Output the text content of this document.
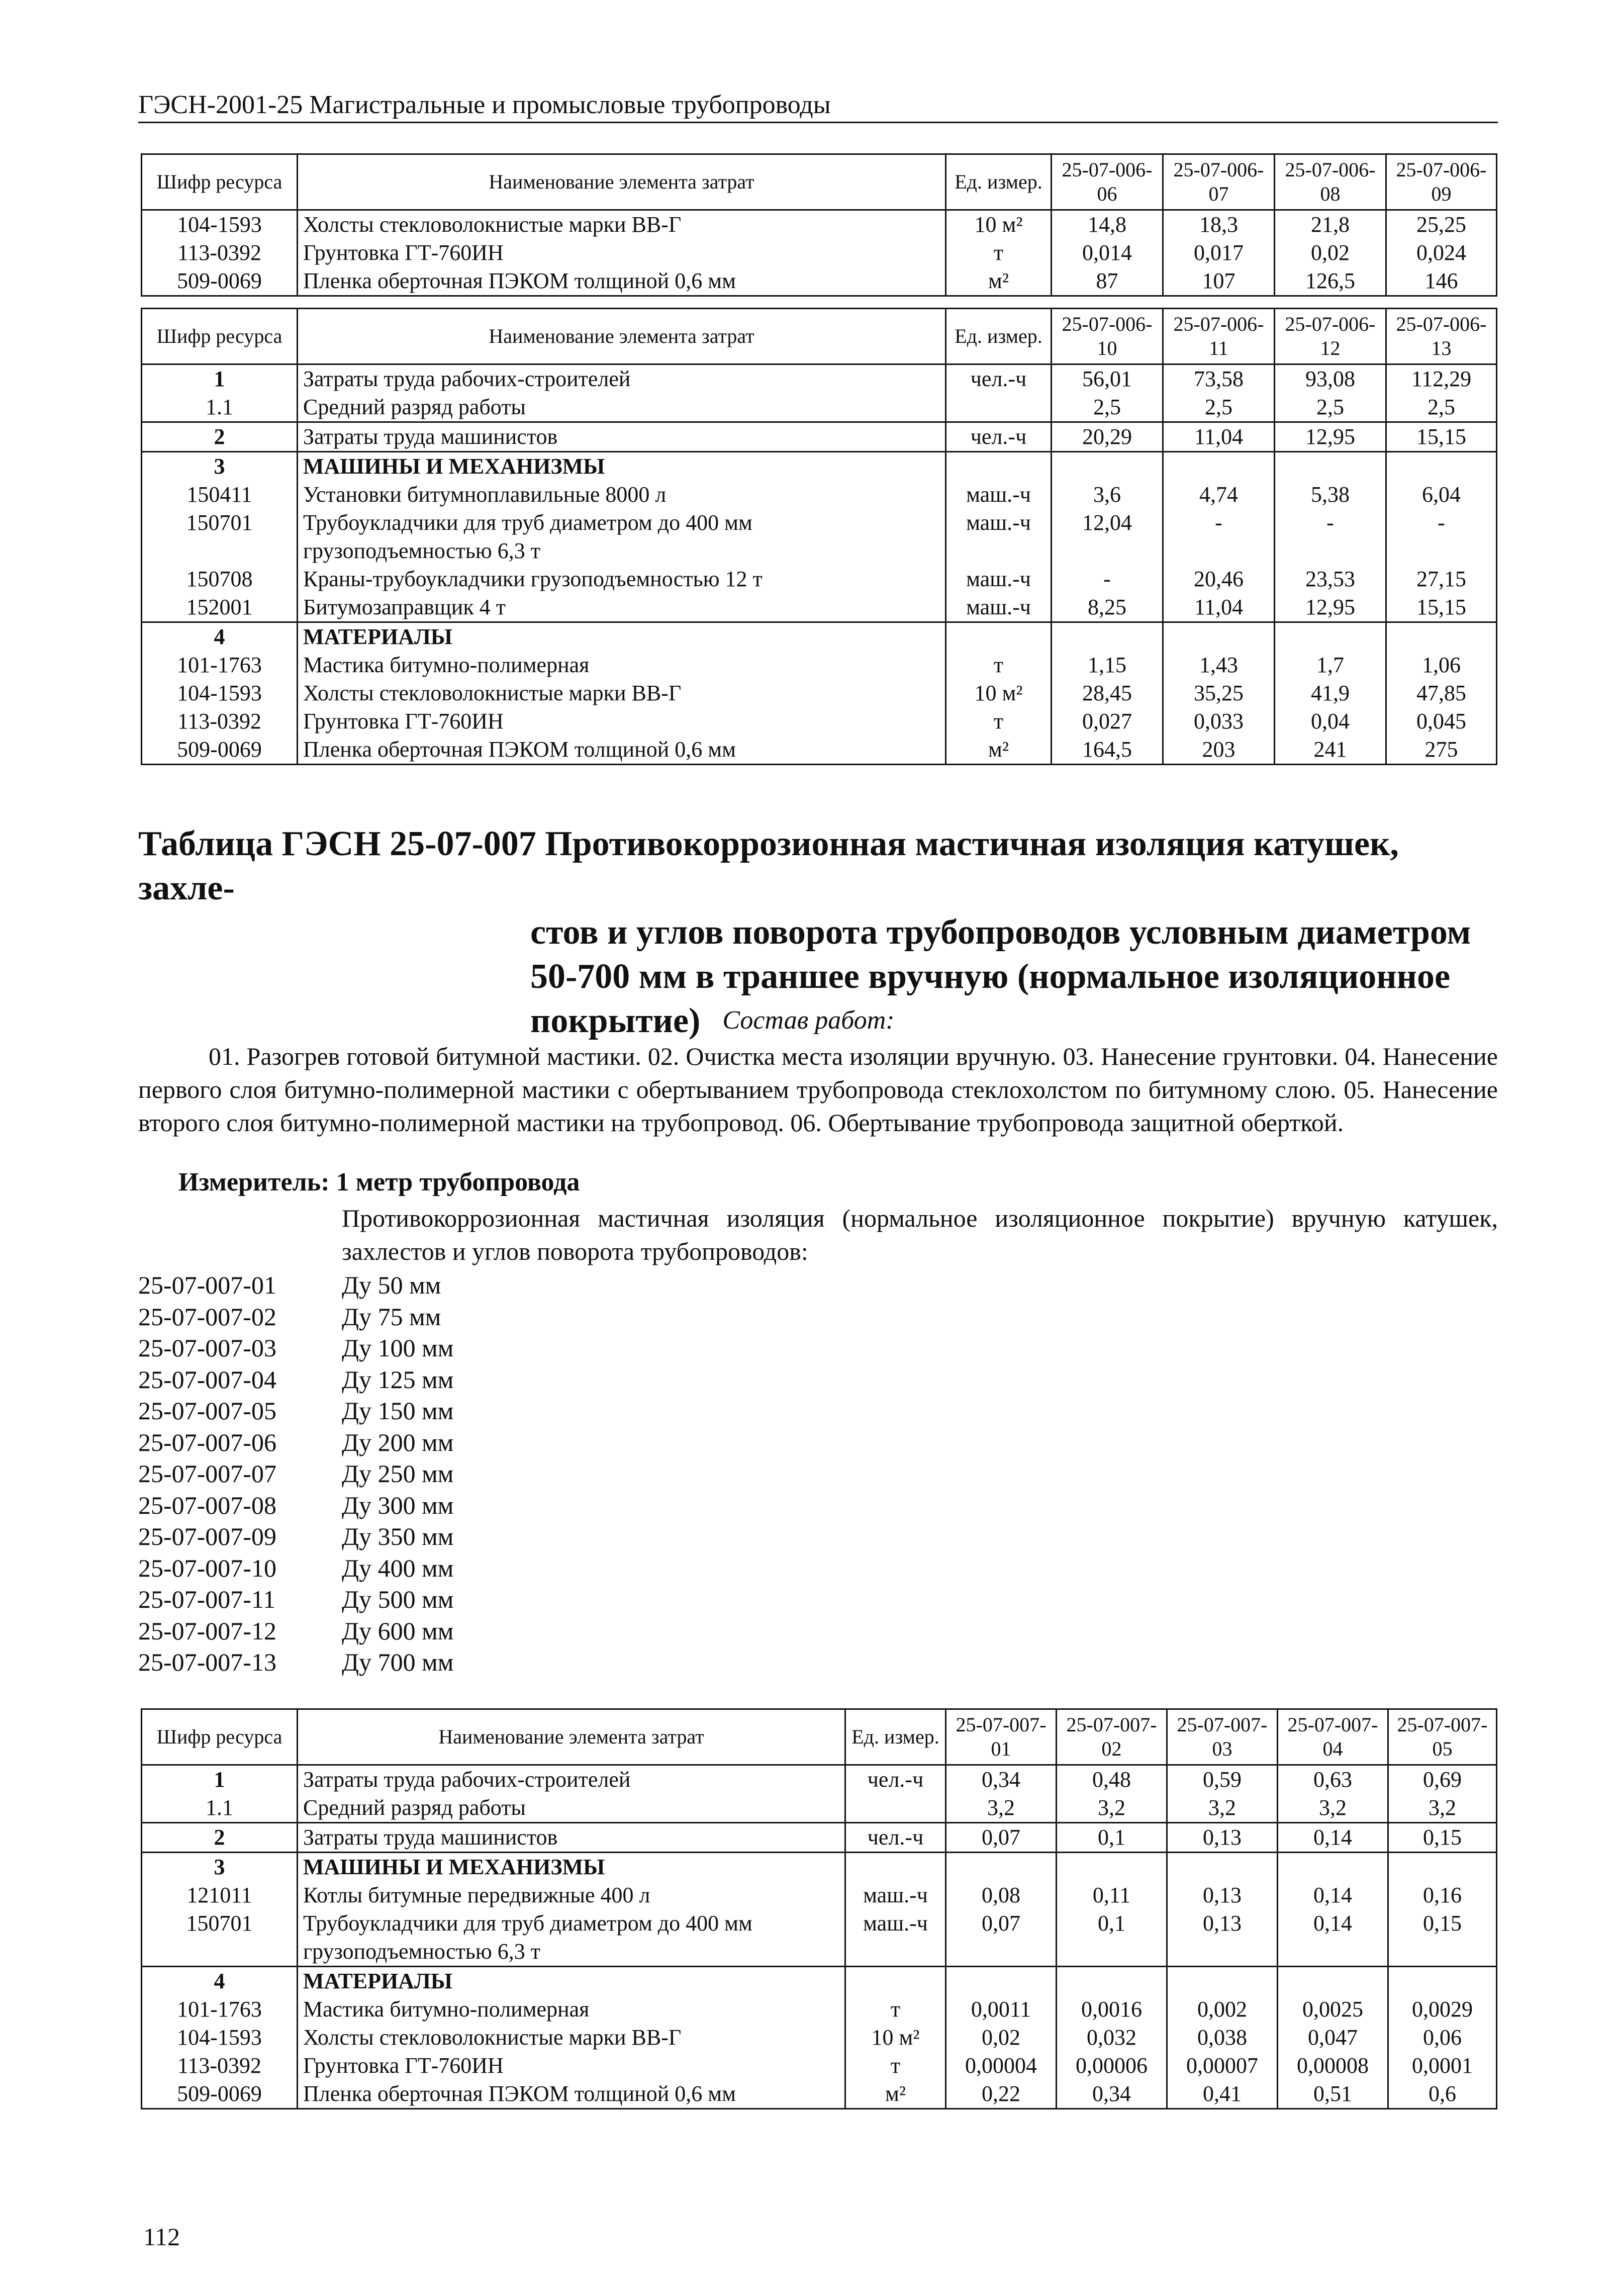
ГЭСН-2001-25 Магистральные и промысловые трубопроводы
Шифр ресурса	Наименование элемента затрат	Ед. измер.	25-07-006-06	25-07-006-07	25-07-006-08	25-07-006-09
104-1593	Холсты стекловолокнистые марки ВВ-Г	10 м²	14,8	18,3	21,8	25,25
113-0392	Грунтовка ГТ-760ИН	т	0,014	0,017	0,02	0,024
509-0069	Пленка оберточная ПЭКОМ толщиной 0,6 мм	м²	87	107	126,5	146
Шифр ресурса	Наименование элемента затрат	Ед. измер.	25-07-006-10	25-07-006-11	25-07-006-12	25-07-006-13
1	Затраты труда рабочих-строителей	чел.-ч	56,01	73,58	93,08	112,29
1.1	Средний разряд работы		2,5	2,5	2,5	2,5
2	Затраты труда машинистов	чел.-ч	20,29	11,04	12,95	15,15
3	МАШИНЫ И МЕХАНИЗМЫ					
150411	Установки битумноплавильные 8000 л	маш.-ч	3,6	4,74	5,38	6,04
150701	Трубоукладчики для труб диаметром до 400 мм грузоподъемностью 6,3 т	маш.-ч	12,04	-	-	-
150708	Краны-трубоукладчики грузоподъемностью 12 т	маш.-ч	-	20,46	23,53	27,15
152001	Битумозаправщик 4 т	маш.-ч	8,25	11,04	12,95	15,15
4	МАТЕРИАЛЫ					
101-1763	Мастика битумно-полимерная	т	1,15	1,43	1,7	1,06
104-1593	Холсты стекловолокнистые марки ВВ-Г	10 м²	28,45	35,25	41,9	47,85
113-0392	Грунтовка ГТ-760ИН	т	0,027	0,033	0,04	0,045
509-0069	Пленка оберточная ПЭКОМ толщиной 0,6 мм	м²	164,5	203	241	275
Таблица ГЭСН 25-07-007 Противокоррозионная мастичная изоляция катушек, захле-
стов и углов поворота трубопроводов условным диаметром 50-700 мм в траншее вручную (нормальное изоляционное покрытие) Состав работ:
01. Разогрев готовой битумной мастики. 02. Очистка места изоляции вручную. 03. Нанесение грунтовки. 04. Нанесение первого слоя битумно-полимерной мастики с обертыванием трубопровода стеклохолстом по битумному слою. 05. Нанесение второго слоя битумно-полимерной мастики на трубопровод. 06. Обертывание трубопровода защитной оберткой.
Измеритель: 1 метр трубопровода
Противокоррозионная мастичная изоляция (нормальное изоляционное покрытие) вручную катушек, захлестов и углов поворота трубопроводов:
25-07-007-01	Ду 50 мм
25-07-007-02	Ду 75 мм
25-07-007-03	Ду 100 мм
25-07-007-04	Ду 125 мм
25-07-007-05	Ду 150 мм
25-07-007-06	Ду 200 мм
25-07-007-07	Ду 250 мм
25-07-007-08	Ду 300 мм
25-07-007-09	Ду 350 мм
25-07-007-10	Ду 400 мм
25-07-007-11	Ду 500 мм
25-07-007-12	Ду 600 мм
25-07-007-13	Ду 700 мм
Шифр ресурса	Наименование элемента затрат	Ед. измер.	25-07-007-01	25-07-007-02	25-07-007-03	25-07-007-04	25-07-007-05
1	Затраты труда рабочих-строителей	чел.-ч	0,34	0,48	0,59	0,63	0,69
1.1	Средний разряд работы		3,2	3,2	3,2	3,2	3,2
2	Затраты труда машинистов	чел.-ч	0,07	0,1	0,13	0,14	0,15
3	МАШИНЫ И МЕХАНИЗМЫ						
121011	Котлы битумные передвижные 400 л	маш.-ч	0,08	0,11	0,13	0,14	0,16
150701	Трубоукладчики для труб диаметром до 400 мм грузоподъемностью 6,3 т	маш.-ч	0,07	0,1	0,13	0,14	0,15
4	МАТЕРИАЛЫ						
101-1763	Мастика битумно-полимерная	т	0,0011	0,0016	0,002	0,0025	0,0029
104-1593	Холсты стекловолокнистые марки ВВ-Г	10 м²	0,02	0,032	0,038	0,047	0,06
113-0392	Грунтовка ГТ-760ИН	т	0,00004	0,00006	0,00007	0,00008	0,0001
509-0069	Пленка оберточная ПЭКОМ толщиной 0,6 мм	м²	0,22	0,34	0,41	0,51	0,6
112
